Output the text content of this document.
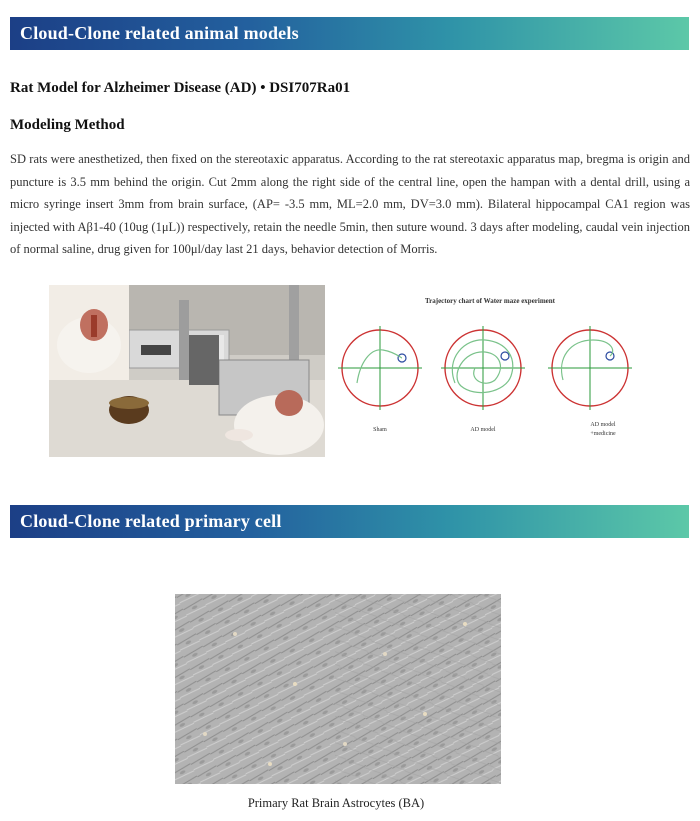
Cloud-Clone related animal models
Rat Model for Alzheimer Disease (AD) • DSI707Ra01
Modeling Method

SD rats were anesthetized, then fixed on the stereotaxic apparatus. According to the rat stereotaxic apparatus map, bregma is origin and puncture is 3.5 mm behind the origin. Cut 2mm along the right side of the central line, open the hampan with a dental drill, using a micro syringe insert 3mm from brain surface, (AP= -3.5 mm, ML=2.0 mm, DV=3.0 mm). Bilateral hippocampal CA1 region was injected with Aβ1-40 (10ug (1μL)) respectively, retain the needle 5min, then suture wound. 3 days after modeling, caudal vein injection of normal saline, drug given for 100μl/day last 21 days, behavior detection of Morris.

Trajectory chart of Water maze experiment
Sham	AD model
AD model
+medicine
Cloud-Clone related primary cell
Primary Rat Brain Astrocytes (BA)
